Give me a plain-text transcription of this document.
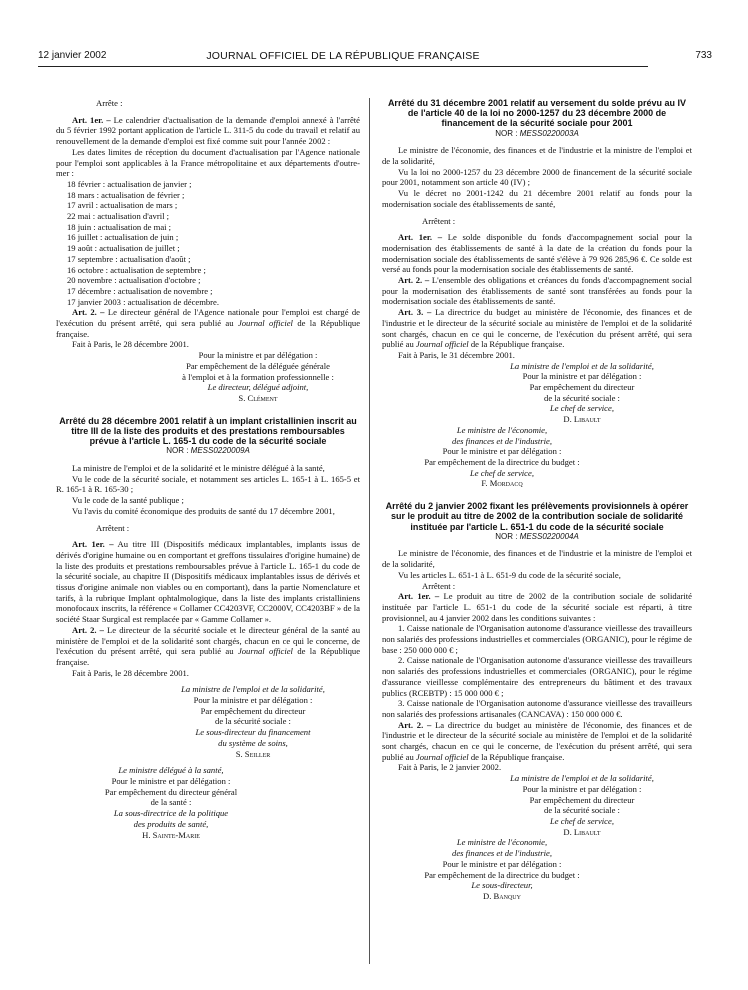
12 janvier 2002	JOURNAL OFFICIEL DE LA RÉPUBLIQUE FRANÇAISE	733

Arrête :

Art. 1er. – Le calendrier d'actualisation de la demande d'emploi annexé à l'arrêté du 5 février 1992 portant application de l'article L. 311-5 du code du travail et relatif au renouvellement de la demande d'emploi est fixé comme suit pour l'année 2002 :

Les dates limites de réception du document d'actualisation par l'Agence nationale pour l'emploi sont applicables à la France métropolitaine et aux départements d'outre-mer :

18 février : actualisation de janvier ;

18 mars : actualisation de février ;

17 avril : actualisation de mars ;

22 mai : actualisation d'avril ;

18 juin : actualisation de mai ;

16 juillet : actualisation de juin ;

19 août : actualisation de juillet ;

17 septembre : actualisation d'août ;

16 octobre : actualisation de septembre ;

20 novembre : actualisation d'octobre ;

17 décembre : actualisation de novembre ;

17 janvier 2003 : actualisation de décembre.

Art. 2. – Le directeur général de l'Agence nationale pour l'emploi est chargé de l'exécution du présent arrêté, qui sera publié au Journal officiel de la République française.

Fait à Paris, le 28 décembre 2001.

Pour la ministre et par délégation :

Par empêchement de la déléguée générale

à l'emploi et à la formation professionnelle :

Le directeur, délégué adjoint,

S. Clément

Arrêté du 28 décembre 2001 relatif à un implant cristallinien inscrit au titre III de la liste des produits et des prestations remboursables prévue à l'article L. 165-1 du code de la sécurité sociale

NOR : MESS0220009A

La ministre de l'emploi et de la solidarité et le ministre délégué à la santé,

Vu le code de la sécurité sociale, et notamment ses articles L. 165-1 à L. 165-5 et R. 165-1 à R. 165-30 ;

Vu le code de la santé publique ;

Vu l'avis du comité économique des produits de santé du 17 décembre 2001,

Arrêtent :

Art. 1er. – Au titre III (Dispositifs médicaux implantables, implants issus de dérivés d'origine humaine ou en comportant et greffons tissulaires d'origine humaine) de la liste des produits et prestations remboursables prévue à l'article L. 165-1 du code de la sécurité sociale, au chapitre II (Dispositifs médicaux implantables issus de dérivés et tissus d'origine animale non viables ou en comportant), dans la partie Nomenclature et tarifs, à la rubrique Implant ophtalmologique, dans la liste des implants cristalliniens monofocaux inscrits, la référence « Collamer CC4203VF, CC2000V, CC4203BF » de la société Staar Surgical est remplacée par « Gamme Collamer ».

Art. 2. – Le directeur de la sécurité sociale et le directeur général de la santé au ministère de l'emploi et de la solidarité sont chargés, chacun en ce qui le concerne, de l'exécution du présent arrêté, qui sera publié au Journal officiel de la République française.

Fait à Paris, le 28 décembre 2001.

La ministre de l'emploi et de la solidarité,

Pour la ministre et par délégation :

Par empêchement du directeur

de la sécurité sociale :

Le sous-directeur du financement

du système de soins,

S. Seiller

Le ministre délégué à la santé,

Pour le ministre et par délégation :

Par empêchement du directeur général

de la santé :

La sous-directrice de la politique

des produits de santé,

H. Sainte-Marie

Arrêté du 31 décembre 2001 relatif au versement du solde prévu au IV de l'article 40 de la loi no 2000-1257 du 23 décembre 2000 de financement de la sécurité sociale pour 2001

NOR : MESS0220003A

Le ministre de l'économie, des finances et de l'industrie et la ministre de l'emploi et de la solidarité,

Vu la loi no 2000-1257 du 23 décembre 2000 de financement de la sécurité sociale pour 2001, notamment son article 40 (IV) ;

Vu le décret no 2001-1242 du 21 décembre 2001 relatif au fonds pour la modernisation sociale des établissements de santé,

Arrêtent :

Art. 1er. – Le solde disponible du fonds d'accompagnement social pour la modernisation des établissements de santé à la date de la création du fonds pour la modernisation sociale des établissements de santé s'élève à 79 926 285,96 €. Ce solde est versé au fonds pour la modernisation sociale des établissements de santé.

Art. 2. – L'ensemble des obligations et créances du fonds d'accompagnement social pour la modernisation des établissements de santé sont transférées au fonds pour la modernisation sociale des établissements de santé.

Art. 3. – La directrice du budget au ministère de l'économie, des finances et de l'industrie et le directeur de la sécurité sociale au ministère de l'emploi et de la solidarité sont chargés, chacun en ce qui le concerne, de l'exécution du présent arrêté, qui sera publié au Journal officiel de la République française.

Fait à Paris, le 31 décembre 2001.

La ministre de l'emploi et de la solidarité,

Pour la ministre et par délégation :

Par empêchement du directeur

de la sécurité sociale :

Le chef de service,

D. Libault

Le ministre de l'économie,

des finances et de l'industrie,

Pour le ministre et par délégation :

Par empêchement de la directrice du budget :

Le chef de service,

F. Mordacq

Arrêté du 2 janvier 2002 fixant les prélèvements provisionnels à opérer sur le produit au titre de 2002 de la contribution sociale de solidarité instituée par l'article L. 651-1 du code de la sécurité sociale

NOR : MESS0220004A

Le ministre de l'économie, des finances et de l'industrie et la ministre de l'emploi et de la solidarité,

Vu les articles L. 651-1 à L. 651-9 du code de la sécurité sociale,

Arrêtent :

Art. 1er. – Le produit au titre de 2002 de la contribution sociale de solidarité instituée par l'article L. 651-1 du code de la sécurité sociale est réparti, à titre provisionnel, au 4 janvier 2002 dans les conditions suivantes :

1. Caisse nationale de l'Organisation autonome d'assurance vieillesse des travailleurs non salariés des professions industrielles et commerciales (ORGANIC), pour le régime de base : 250 000 000 € ;

2. Caisse nationale de l'Organisation autonome d'assurance vieillesse des travailleurs non salariés des professions industrielles et commerciales (ORGANIC), pour le régime d'assurance vieillesse complémentaire des entrepreneurs du bâtiment et des travaux publics (RCEBTP) : 15 000 000 € ;

3. Caisse nationale de l'Organisation autonome d'assurance vieillesse des travailleurs non salariés des professions artisanales (CANCAVA) : 150 000 000 €.

Art. 2. – La directrice du budget au ministère de l'économie, des finances et de l'industrie et le directeur de la sécurité sociale au ministère de l'emploi et de la solidarité sont chargés, chacun en ce qui le concerne, de l'exécution du présent arrêté, qui sera publié au Journal officiel de la République française.

Fait à Paris, le 2 janvier 2002.

La ministre de l'emploi et de la solidarité,

Pour la ministre et par délégation :

Par empêchement du directeur

de la sécurité sociale :

Le chef de service,

D. Libault

Le ministre de l'économie,

des finances et de l'industrie,

Pour le ministre et par délégation :

Par empêchement de la directrice du budget :

Le sous-directeur,

D. Banquy
